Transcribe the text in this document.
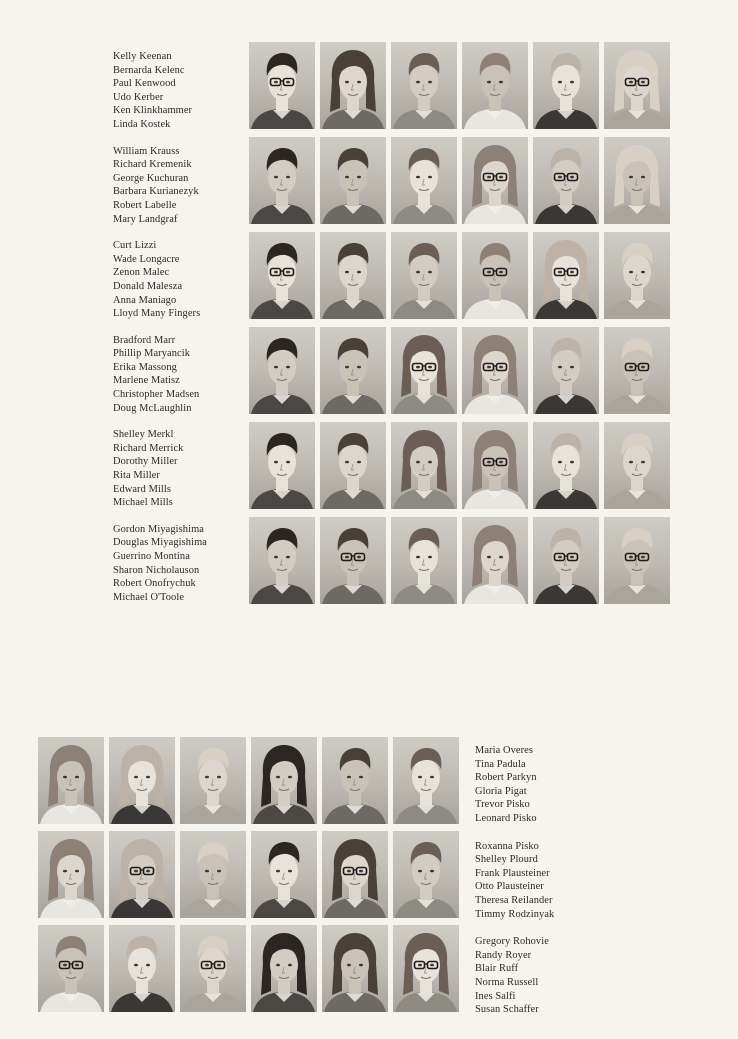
Kelly Keenan
Bernarda Kelenc
Paul Kenwood
Udo Kerber
Ken Klinkhammer
Linda Kostek
William Krauss
Richard Kremenik
George Kuchuran
Barbara Kurianezyk
Robert Labelle
Mary Landgraf
Curt Lizzi
Wade Longacre
Zenon Malec
Donald Malesza
Anna Maniago
Lloyd Many Fingers
Bradford Marr
Phillip Maryancik
Erika Massong
Marlene Matisz
Christopher Madsen
Doug McLaughlin
Shelley Merkl
Richard Merrick
Dorothy Miller
Rita Miller
Edward Mills
Michael Mills
Gordon Miyagishima
Douglas Miyagishima
Guerrino Montina
Sharon Nicholauson
Robert Onofrychuk
Michael O'Toole
Maria Overes
Tina Padula
Robert Parkyn
Gloria Pigat
Trevor Pisko
Leonard Pisko
Roxanna Pisko
Shelley Plourd
Frank Plausteiner
Otto Plausteiner
Theresa Reilander
Timmy Rodzinyak
Gregory Rohovie
Randy Royer
Blair Ruff
Norma Russell
Ines Salfi
Susan Schaffer
